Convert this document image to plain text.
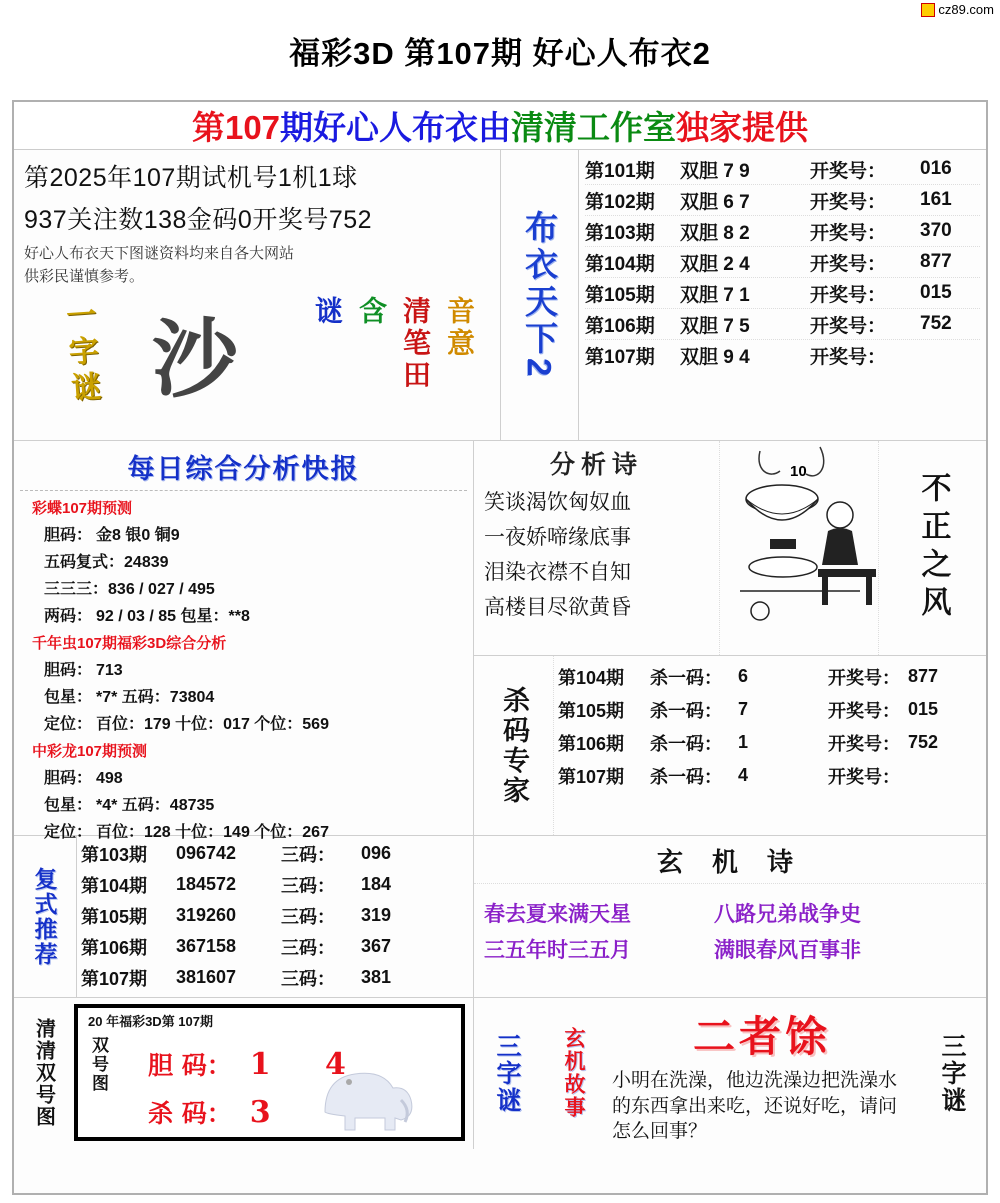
cz89.com
福彩3D 第107期 好心人布衣2
第107 期好心人布衣由 清清工作室 独家提供
第2025年107期试机号1机1球
937关注数138金码0开奖号752
好心人布衣天下图谜资料均来自各大网站
供彩民谨慎参考。
一字谜 沙	谜 含 清笔田 音意 布衣天下2
第101期	双胆 7 9	开奖号：	016
第102期	双胆 6 7	开奖号：	161
第103期	双胆 8 2	开奖号：	370
第104期	双胆 2 4	开奖号：	877
第105期	双胆 7 1	开奖号：	015
第106期	双胆 7 5	开奖号：	752
第107期	双胆 9 4	开奖号：
每日综合分析快报
彩蝶107期预测
胆码： 金8 银0 铜9
五码复式：24839
三三三：836 / 027 / 495
两码： 92 / 03 / 85 包星：**8
千年虫107期福彩3D综合分析
胆码： 713
包星： *7* 五码：73804
定位： 百位：179 十位：017 个位：569
中彩龙107期预测
胆码： 498
包星： *4* 五码：48735
定位： 百位：128 十位：149 个位：267
分析诗
笑谈渴饮匈奴血
一夜娇啼缘底事
泪染衣襟不自知
高楼目尽欲黄昏
10
不正之风
杀码专家
第104期	杀一码： 6	开奖号： 877
第105期	杀一码： 7	开奖号： 015
第106期	杀一码： 1	开奖号： 752
第107期	杀一码： 4	开奖号：
复式推荐
第103期	096742	三码：	096
第104期	184572	三码：	184
第105期	319260	三码：	319
第106期	367158	三码：	367
第107期	381607	三码：	381
玄 机 诗
春去夏来满天星	八路兄弟战争史
三五年时三五月	满眼春风百事非
清清双号图	20 年福彩3D第 107期
双号图 胆 码： 1 4
杀 码： 3	三字谜 玄机故事	二者馀
小明在洗澡，他边洗澡边把洗澡水
的东西拿出来吃，还说好吃，请问
怎么回事？
三字谜
